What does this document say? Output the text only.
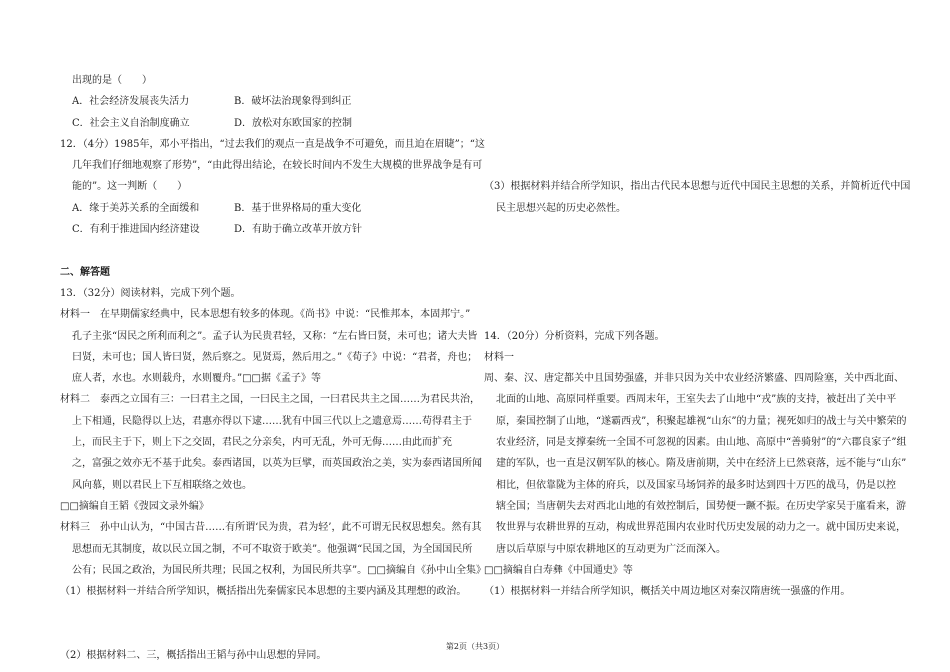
出现的是（　　）
A．社会经济发展丧失活力	B．破坏法治现象得到纠正
C．社会主义自治制度确立	D．放松对东欧国家的控制
12．（4分）1985年，邓小平指出，“过去我们的观点一直是战争不可避免，而且迫在眉睫”；“这
几年我们仔细地观察了形势”，“由此得出结论，在较长时间内不发生大规模的世界战争是有可
能的”。这一判断（　　）
A．缘于美苏关系的全面缓和	B．基于世界格局的重大变化
C．有利于推进国内经济建设	D．有助于确立改革开放方针
二、解答题
13．（32分）阅读材料，完成下列个题。
材料一　在早期儒家经典中，民本思想有较多的体现。《尚书》中说：“民惟邦本，本固邦宁。”
孔子主张“因民之所利而利之”。孟子认为民贵君轻，又称：“左右皆曰贤，未可也；诸大夫皆
曰贤，未可也；国人皆曰贤，然后察之。见贤焉，然后用之。”《荀子》中说：“君者，舟也；
庶人者，水也。水则载舟，水则覆舟。”□□据《孟子》等
材料二　泰西之立国有三：一曰君主之国，一曰民主之国，一曰君民共主之国……为君民共治，
上下相通，民隐得以上达，君惠亦得以下逮……犹有中国三代以上之遗意焉……苟得君主于
上，而民主于下，则上下之交固，君民之分亲矣，内可无乱，外可无侮……由此而扩充
之，富强之效亦无不基于此矣。泰西诸国，以英为巨擘，而英国政治之美，实为泰西诸国所闻
风向慕，则以君民上下互相联络之效也。
□□摘编自王韬《弢园文录外编》
材料三　孙中山认为，“中国古昔……有所谓‘民为贵，君为轻’，此不可谓无民权思想矣。然有其
思想而无其制度，故以民立国之制，不可不取资于欧美”。他强调“民国之国，为全国国民所
公有；民国之政治，为国民所共理；民国之权利，为国民所共享”。□□摘编自《孙中山全集》
（1）根据材料一并结合所学知识，概括指出先秦儒家民本思想的主要内涵及其理想的政治。
（2）根据材料二、三，概括指出王韬与孙中山思想的异同。
（3）根据材料并结合所学知识，指出古代民本思想与近代中国民主思想的关系，并简析近代中国
民主思想兴起的历史必然性。
14．（20分）分析资料，完成下列各题。
材料一
周、秦、汉、唐定都关中且国势强盛，并非只因为关中农业经济繁盛、四周险塞，关中西北面、
北面的山地、高原同样重要。西周末年，王室失去了山地中“戎”族的支持，被赶出了关中平
原，秦国控制了山地，“遂霸西戎”，积聚起雄视“山东”的力量；视死如归的战士与关中繁荣的
农业经济，同是支撑秦统一全国不可忽视的因素。由山地、高原中“善骑射”的“六郡良家子”组
建的军队，也一直是汉朝军队的核心。隋及唐前期，关中在经济上已然衰落，远不能与“山东”
相比，但依靠陇为主体的府兵，以及国家马场饲养的最多时达到四十万匹的战马，仍是以控
辖全国；当唐朝失去对西北山地的有效控制后，国势便一蹶不振。在历史学家吴于廑看来，游
牧世界与农耕世界的互动，构成世界范围内农业时代历史发展的动力之一。就中国历史来说，
唐以后草原与中原农耕地区的互动更为广泛而深入。
□□摘编自白寿彝《中国通史》等
（1）根据材料一并结合所学知识，概括关中周边地区对秦汉隋唐统一强盛的作用。
第2页（共3页）
